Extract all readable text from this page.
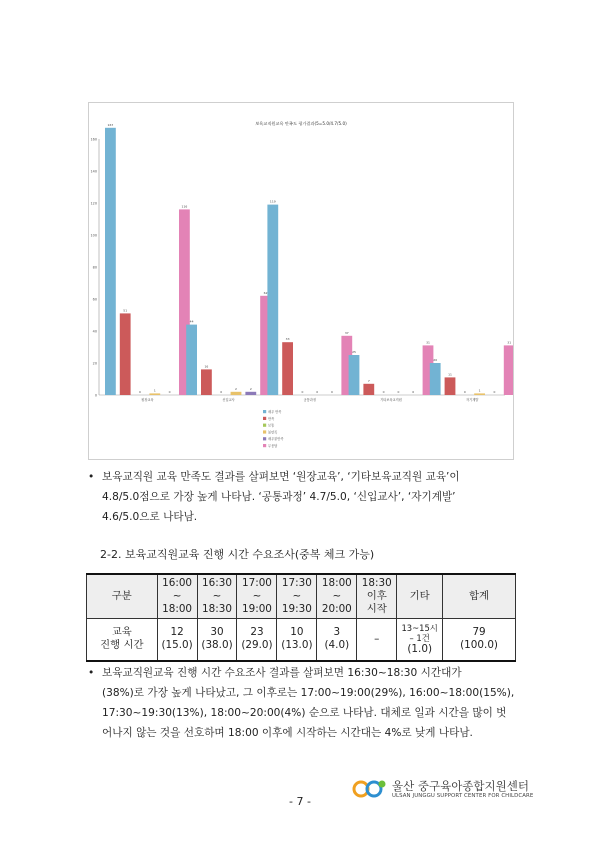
보육교직원교육 만족도 평가결과(5=5.0/4.7/5.0)
0
20
40
60
80
100
120
140
160
원장교육	신입교사	공통과정	기타보육교직원	자기계발
167
51
0	1	0
116
44
16
0
2	2
62
119
33
0	0	0
37
25
7
0	0	0
31
20
11
0	1	0
31
매우 만족
만족
보통
불만족
매우불만족
무응답
• 보육교직원 교육 만족도 결과를 살펴보면 ‘원장교육’, ‘기타보육교직원 교육’이
4.8/5.0점으로 가장 높게 나타남. ‘공통과정’ 4.7/5.0, ‘신입교사’, ‘자기계발’
4.6/5.0으로 나타남.
2-2. 보육교직원교육 진행 시간 수요조사(중복 체크 가능)
구분	16:00
~
18:00	16:30
~
18:30	17:00
~
19:00	17:30
~
19:30	18:00
~
20:00	18:30
이후
시작	기타	합계

교육
진행 시간	12
(15.0)	30
(38.0)	23
(29.0)	10
(13.0)	3
(4.0)	–	13~15시
– 1건
(1.0)	79
(100.0)
• 보육교직원교육 진행 시간 수요조사 결과를 살펴보면 16:30~18:30 시간대가
(38%)로 가장 높게 나타났고, 그 이후로는 17:00~19:00(29%), 16:00~18:00(15%),
17:30~19:30(13%), 18:00~20:00(4%) 순으로 나타남. 대체로 일과 시간을 많이 벗
어나지 않는 것을 선호하며 18:00 이후에 시작하는 시간대는 4%로 낮게 나타남.
울산 중구육아종합지원센터
ULSAN JUNGGU SUPPORT CENTER FOR CHILDCARE
- 7 -
